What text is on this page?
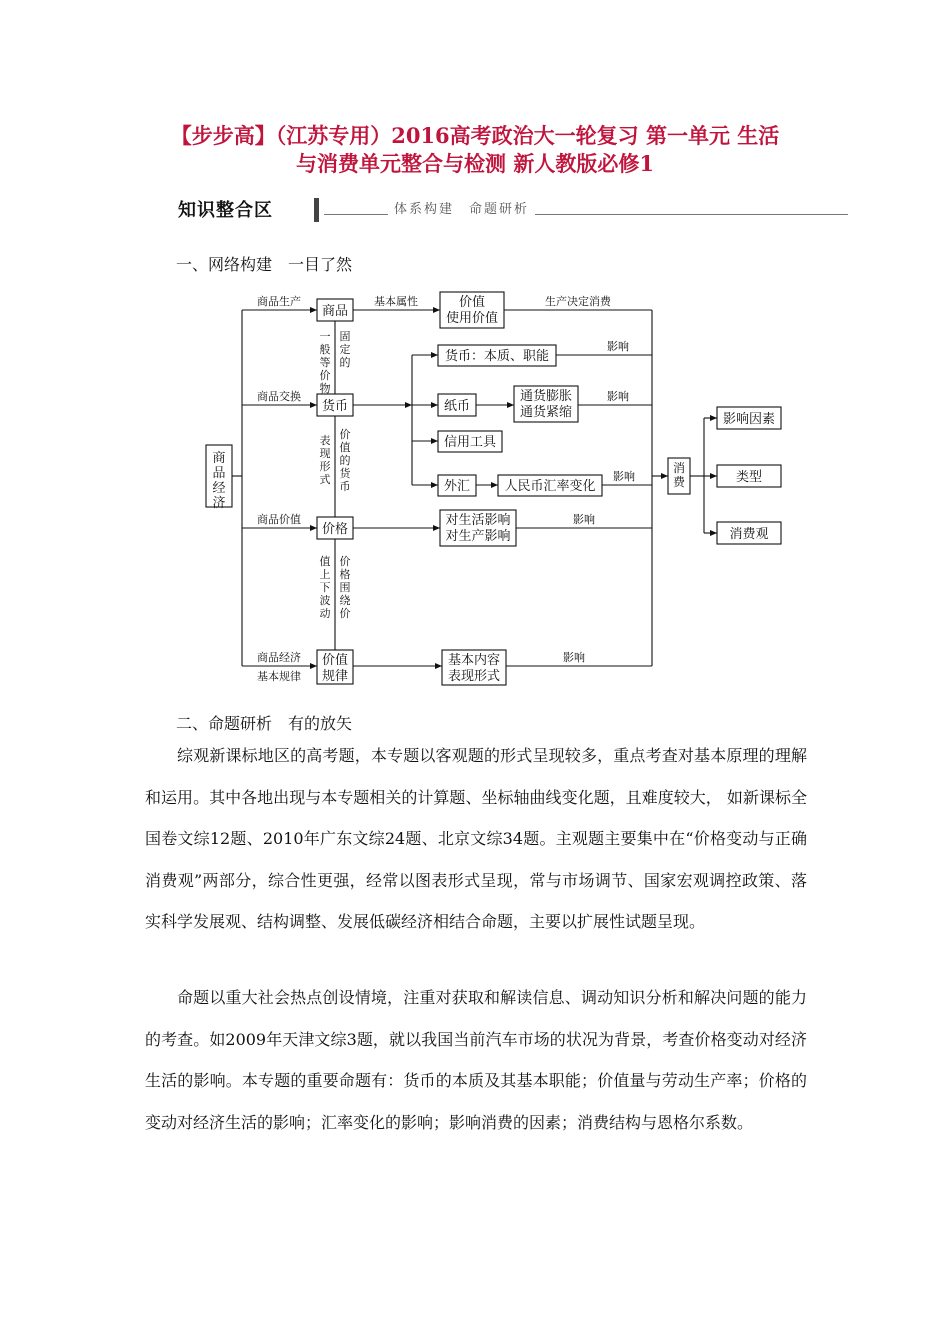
【步步高】（江苏专用）2016高考政治大一轮复习 第一单元 生活
与消费单元整合与检测 新人教版必修1
知识整合区	体系构建　命题研析
一、网络构建　一目了然
商品
货币
价格
价值
规律
价值
使用价值
货币：本质、职能
纸币
通货膨胀
通货紧缩
信用工具
外汇	人民币汇率变化
对生活影响
对生产影响
基本内容
表现形式
影响因素
类型
消费观
商品生产
商品交换
商品价值
商品经济
基本规律
基本属性	生产决定消费
影响
影响
影响
影响
影响
一般等价物
固定的
表现形式
价值的货币
值上下波动
价格围绕价
商品经济
消费
二、命题研析　有的放矢
综观新课标地区的高考题，本专题以客观题的形式呈现较多，重点考查对基本原理的理解和运用。其中各地出现与本专题相关的计算题、坐标轴曲线变化题，且难度较大， 如新课标全国卷文综12题、2010年广东文综24题、北京文综34题。主观题主要集中在“价格变动与正确消费观”两部分，综合性更强，经常以图表形式呈现，常与市场调节、国家宏观调控政策、落实科学发展观、结构调整、发展低碳经济相结合命题，主要以扩展性试题呈现。
命题以重大社会热点创设情境，注重对获取和解读信息、调动知识分析和解决问题的能力的考查。如2009年天津文综3题，就以我国当前汽车市场的状况为背景，考查价格变动对经济生活的影响。本专题的重要命题有：货币的本质及其基本职能；价值量与劳动生产率；价格的变动对经济生活的影响；汇率变化的影响；影响消费的因素；消费结构与恩格尔系数。
